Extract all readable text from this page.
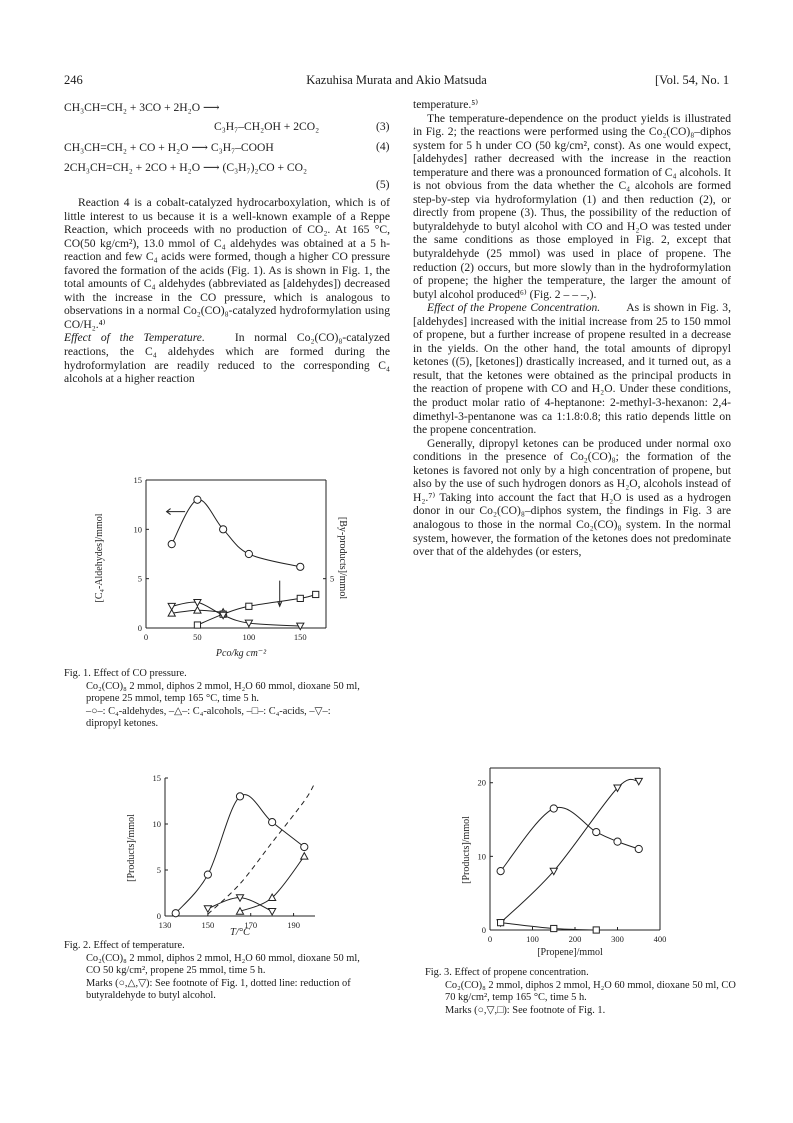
246	Kazuhisa Murata and Akio Matsuda	[Vol. 54, No. 1
CH₃CH=CH₂ + 3CO + 2H₂O ⟶
C₃H₇–CH₂OH + 2CO₂	(3)
CH₃CH=CH₂ + CO + H₂O ⟶ C₃H₇–COOH	(4)
2CH₃CH=CH₂ + 2CO + H₂O ⟶ (C₃H₇)₂CO + CO₂
(5)

Reaction 4 is a cobalt-catalyzed hydrocarboxylation, which is of little interest to us because it is a well-known example of a Reppe Reaction, which proceeds with no production of CO₂. At 165 °C, CO(50 kg/cm²), 13.0 mmol of C₄ aldehydes was obtained at a 5 h-reaction and few C₄ acids were formed, though a higher CO pressure favored the formation of the acids (Fig. 1). As is shown in Fig. 1, the total amounts of C₄ aldehydes (abbreviated as [aldehydes]) decreased with the increase in the CO pressure, which is analogous to observations in a normal Co₂(CO)₈-catalyzed hydroformylation using CO/H₂.⁴⁾

Effect of the Temperature.	In normal Co₂(CO)₈-catalyzed reactions, the C₄ aldehydes which are formed during the hydroformylation are readily reduced to the corresponding C₄ alcohols at a higher reaction

temperature.⁵⁾

The temperature-dependence on the product yields is illustrated in Fig. 2; the reactions were performed using the Co₂(CO)₈–diphos system for 5 h under CO (50 kg/cm², const). As one would expect, [aldehydes] rather decreased with the increase in the reaction temperature and there was a pronounced formation of C₄ alcohols. It is not obvious from the data whether the C₄ alcohols are formed step-by-step via hydroformylation (1) and then reduction (2), or directly from propene (3). Thus, the possibility of the reduction of butyraldehyde to butyl alcohol with CO and H₂O was tested under the same conditions as those employed in Fig. 2, except that butyraldehyde (25 mmol) was used in place of propene. The reduction (2) occurs, but more slowly than in the hydroformylation of propene; the higher the temperature, the larger the amount of butyl alcohol produced⁶⁾ (Fig. 2 – – –,).

Effect of the Propene Concentration. As is shown in Fig. 3, [aldehydes] increased with the initial increase from 25 to 150 mmol of propene, but a further increase of propene resulted in a decrease in the yields. On the other hand, the total amounts of dipropyl ketones ((5), [ketones]) drastically increased, and it turned out, as a result, that the ketones were obtained as the principal products in the reaction of propene with CO and H₂O. Under these conditions, the product molar ratio of 4-heptanone: 2-methyl-3-hexanon: 2,4-dimethyl-3-pentanone was ca 1:1.8:0.8; this ratio depends little on the propene concentration.

Generally, dipropyl ketones can be produced under normal oxo conditions in the presence of Co₂(CO)₈; the formation of the ketones is favored not only by a high concentration of propene, but also by the use of such hydrogen donors as H₂O, alcohols instead of H₂.⁷⁾ Taking into account the fact that H₂O is used as a hydrogen donor in our Co₂(CO)₈–diphos system, the findings in Fig. 3 are analogous to those in the normal Co₂(CO)₈ system. In the normal system, however, the formation of the ketones does not predominate over that of the aldehydes (or esters,

0	50	100	150
0
5
10
15
5
[C₄-Aldehydes]/mmol	[By-products]/mmol
Pco/kg cm⁻²

Fig. 1. Effect of CO pressure.

Co₂(CO)₈ 2 mmol, diphos 2 mmol, H₂O 60 mmol, dioxane 50 ml, propene 25 mmol, temp 165 °C, time 5 h.

–○–: C₄-aldehydes, –△–: C₄-alcohols, –□–: C₄-acids, –▽–: dipropyl ketones.

130	150	170	190
0
5
10
15
[Products]/mmol
T/°C

Fig. 2. Effect of temperature.

Co₂(CO)₈ 2 mmol, diphos 2 mmol, H₂O 60 mmol, dioxane 50 ml, CO 50 kg/cm², propene 25 mmol, time 5 h.

Marks (○,△,▽): See footnote of Fig. 1, dotted line: reduction of butyraldehyde to butyl alcohol.

0	100	200	300	400
0
10
20
[Products]/mmol
[Propene]/mmol

Fig. 3. Effect of propene concentration.

Co₂(CO)₈ 2 mmol, diphos 2 mmol, H₂O 60 mmol, dioxane 50 ml, CO 70 kg/cm², temp 165 °C, time 5 h.

Marks (○,▽,□): See footnote of Fig. 1.
